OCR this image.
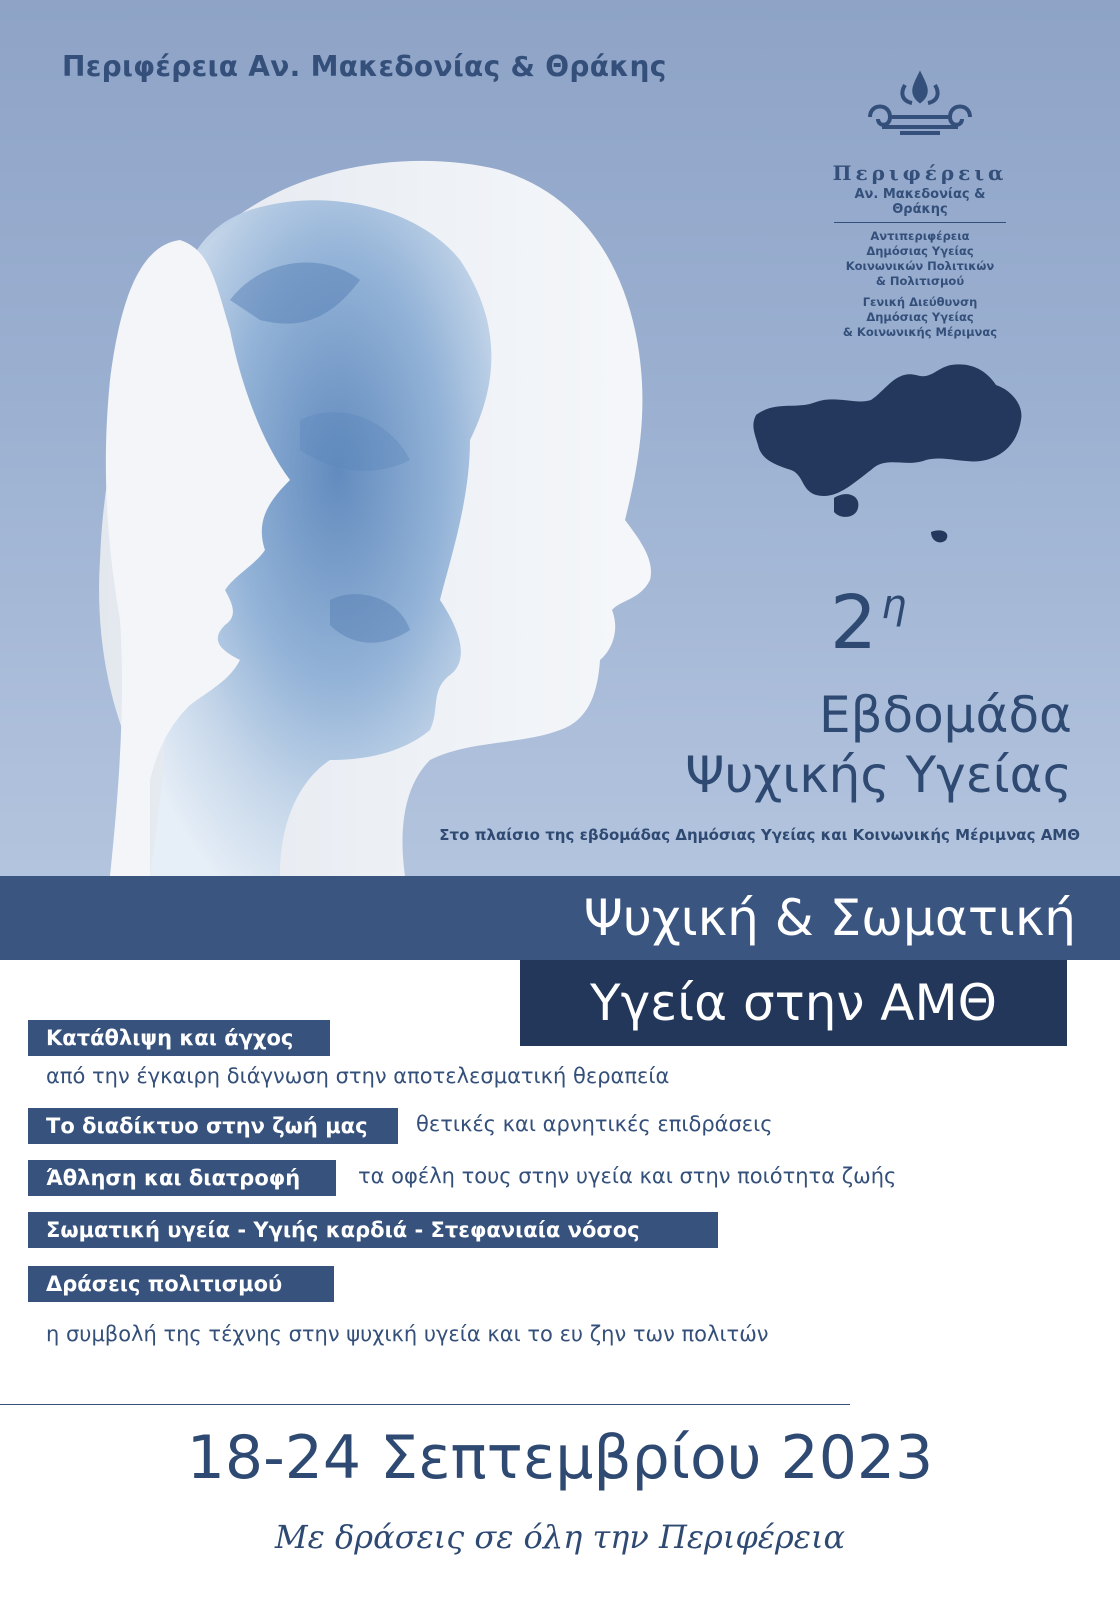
Περιφέρεια Αν. Μακεδονίας & Θράκης
Περιφέρεια
Αν. Μακεδονίας & Θράκης
Αντιπεριφέρεια
Δημόσιας Υγείας
Κοινωνικών Πολιτικών
& Πολιτισμού
Γενική Διεύθυνση
Δημόσιας Υγείας
& Κοινωνικής Μέριμνας
2 $^\eta$
Εβδομάδα
Ψυχικής Υγείας
Στο πλαίσιο της εβδομάδας Δημόσιας Υγείας και Κοινωνικής Μέριμνας ΑΜΘ
Ψυχική & Σωματική
Υγεία στην ΑΜΘ
Κατάθλιψη και άγχος
από την έγκαιρη διάγνωση στην αποτελεσματική θεραπεία
Το διαδίκτυο στην ζωή μας	θετικές και αρνητικές επιδράσεις
Άθληση και διατροφή	τα οφέλη τους στην υγεία και στην ποιότητα ζωής
Σωματική υγεία - Υγιής καρδιά - Στεφανιαία νόσος
Δράσεις πολιτισμού
η συμβολή της τέχνης στην ψυχική υγεία και το ευ ζην των πολιτών
18-24 Σεπτεμβρίου 2023
Με δράσεις σε όλη την Περιφέρεια
